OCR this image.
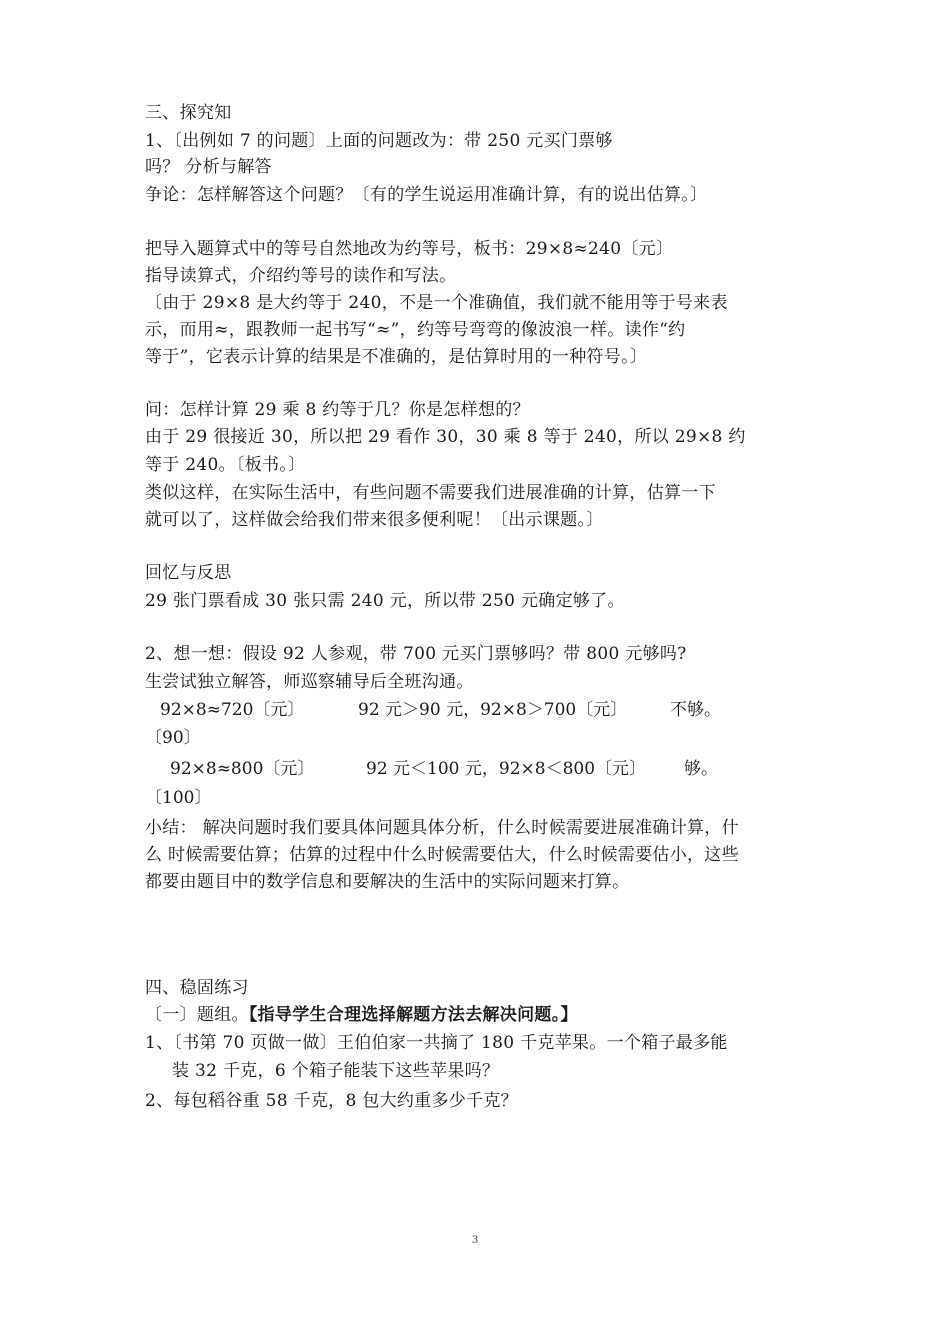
三、探究知
1、〔出例如 7 的问题〕上面的问题改为：带 250 元买门票够
吗？ 分析与解答
争论：怎样解答这个问题？〔有的学生说运用准确计算，有的说出估算。〕
把导入题算式中的等号自然地改为约等号，板书：29×8≈240〔元〕
指导读算式，介绍约等号的读作和写法。
〔由于 29×8 是大约等于 240，不是一个准确值，我们就不能用等于号来表
示，而用≈，跟教师一起书写“≈”，约等号弯弯的像波浪一样。读作“约
等于”，它表示计算的结果是不准确的，是估算时用的一种符号。〕
问：怎样计算 29 乘 8 约等于几？你是怎样想的？
由于 29 很接近 30，所以把 29 看作 30，30 乘 8 等于 240，所以 29×8 约
等于 240。〔板书。〕
类似这样，在实际生活中，有些问题不需要我们进展准确的计算，估算一下
就可以了，这样做会给我们带来很多便利呢！〔出示课题。〕
回忆与反思
29 张门票看成 30 张只需 240 元，所以带 250 元确定够了。
2、想一想：假设 92 人参观，带 700 元买门票够吗？带 800 元够吗?
生尝试独立解答，师巡察辅导后全班沟通。
92×8≈720〔元〕	92 元＞90 元，92×8＞700〔元〕	不够。
〔90〕
92×8≈800〔元〕	92 元＜100 元，92×8＜800〔元〕 够。
〔100〕
小结： 解决问题时我们要具体问题具体分析，什么时候需要进展准确计算，什
么 时候需要估算；估算的过程中什么时候需要估大，什么时候需要估小，这些
都要由题目中的数学信息和要解决的生活中的实际问题来打算。
四、稳固练习
〔一〕题组。【指导学生合理选择解题方法去解决问题。】
1、〔书第 70 页做一做〕王伯伯家一共摘了 180 千克苹果。一个箱子最多能
装 32 千克，6 个箱子能装下这些苹果吗？
2、每包稻谷重 58 千克，8 包大约重多少千克？
3
